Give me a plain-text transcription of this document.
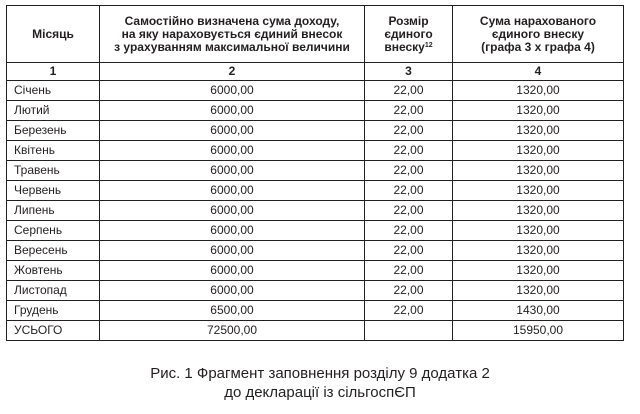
Місяць	Самостійно визначена сума доходу,
на яку нараховується єдиний внесок
з урахуванням максимальної величини	Розмір
єдиного
внеску$^{12}$	Сума нарахованого
єдиного внеску
(графа 3 х графа 4)
1	2	3	4
Січень	6000,00	22,00	1320,00
Лютий	6000,00	22,00	1320,00
Березень	6000,00	22,00	1320,00
Квітень	6000,00	22,00	1320,00
Травень	6000,00	22,00	1320,00
Червень	6000,00	22,00	1320,00
Липень	6000,00	22,00	1320,00
Серпень	6000,00	22,00	1320,00
Вересень	6000,00	22,00	1320,00
Жовтень	6000,00	22,00	1320,00
Листопад	6000,00	22,00	1320,00
Грудень	6500,00	22,00	1430,00
УСЬОГО	72500,00		15950,00
Рис. 1 Фрагмент заповнення розділу 9 додатка 2
до декларації із сільгоспЄП
